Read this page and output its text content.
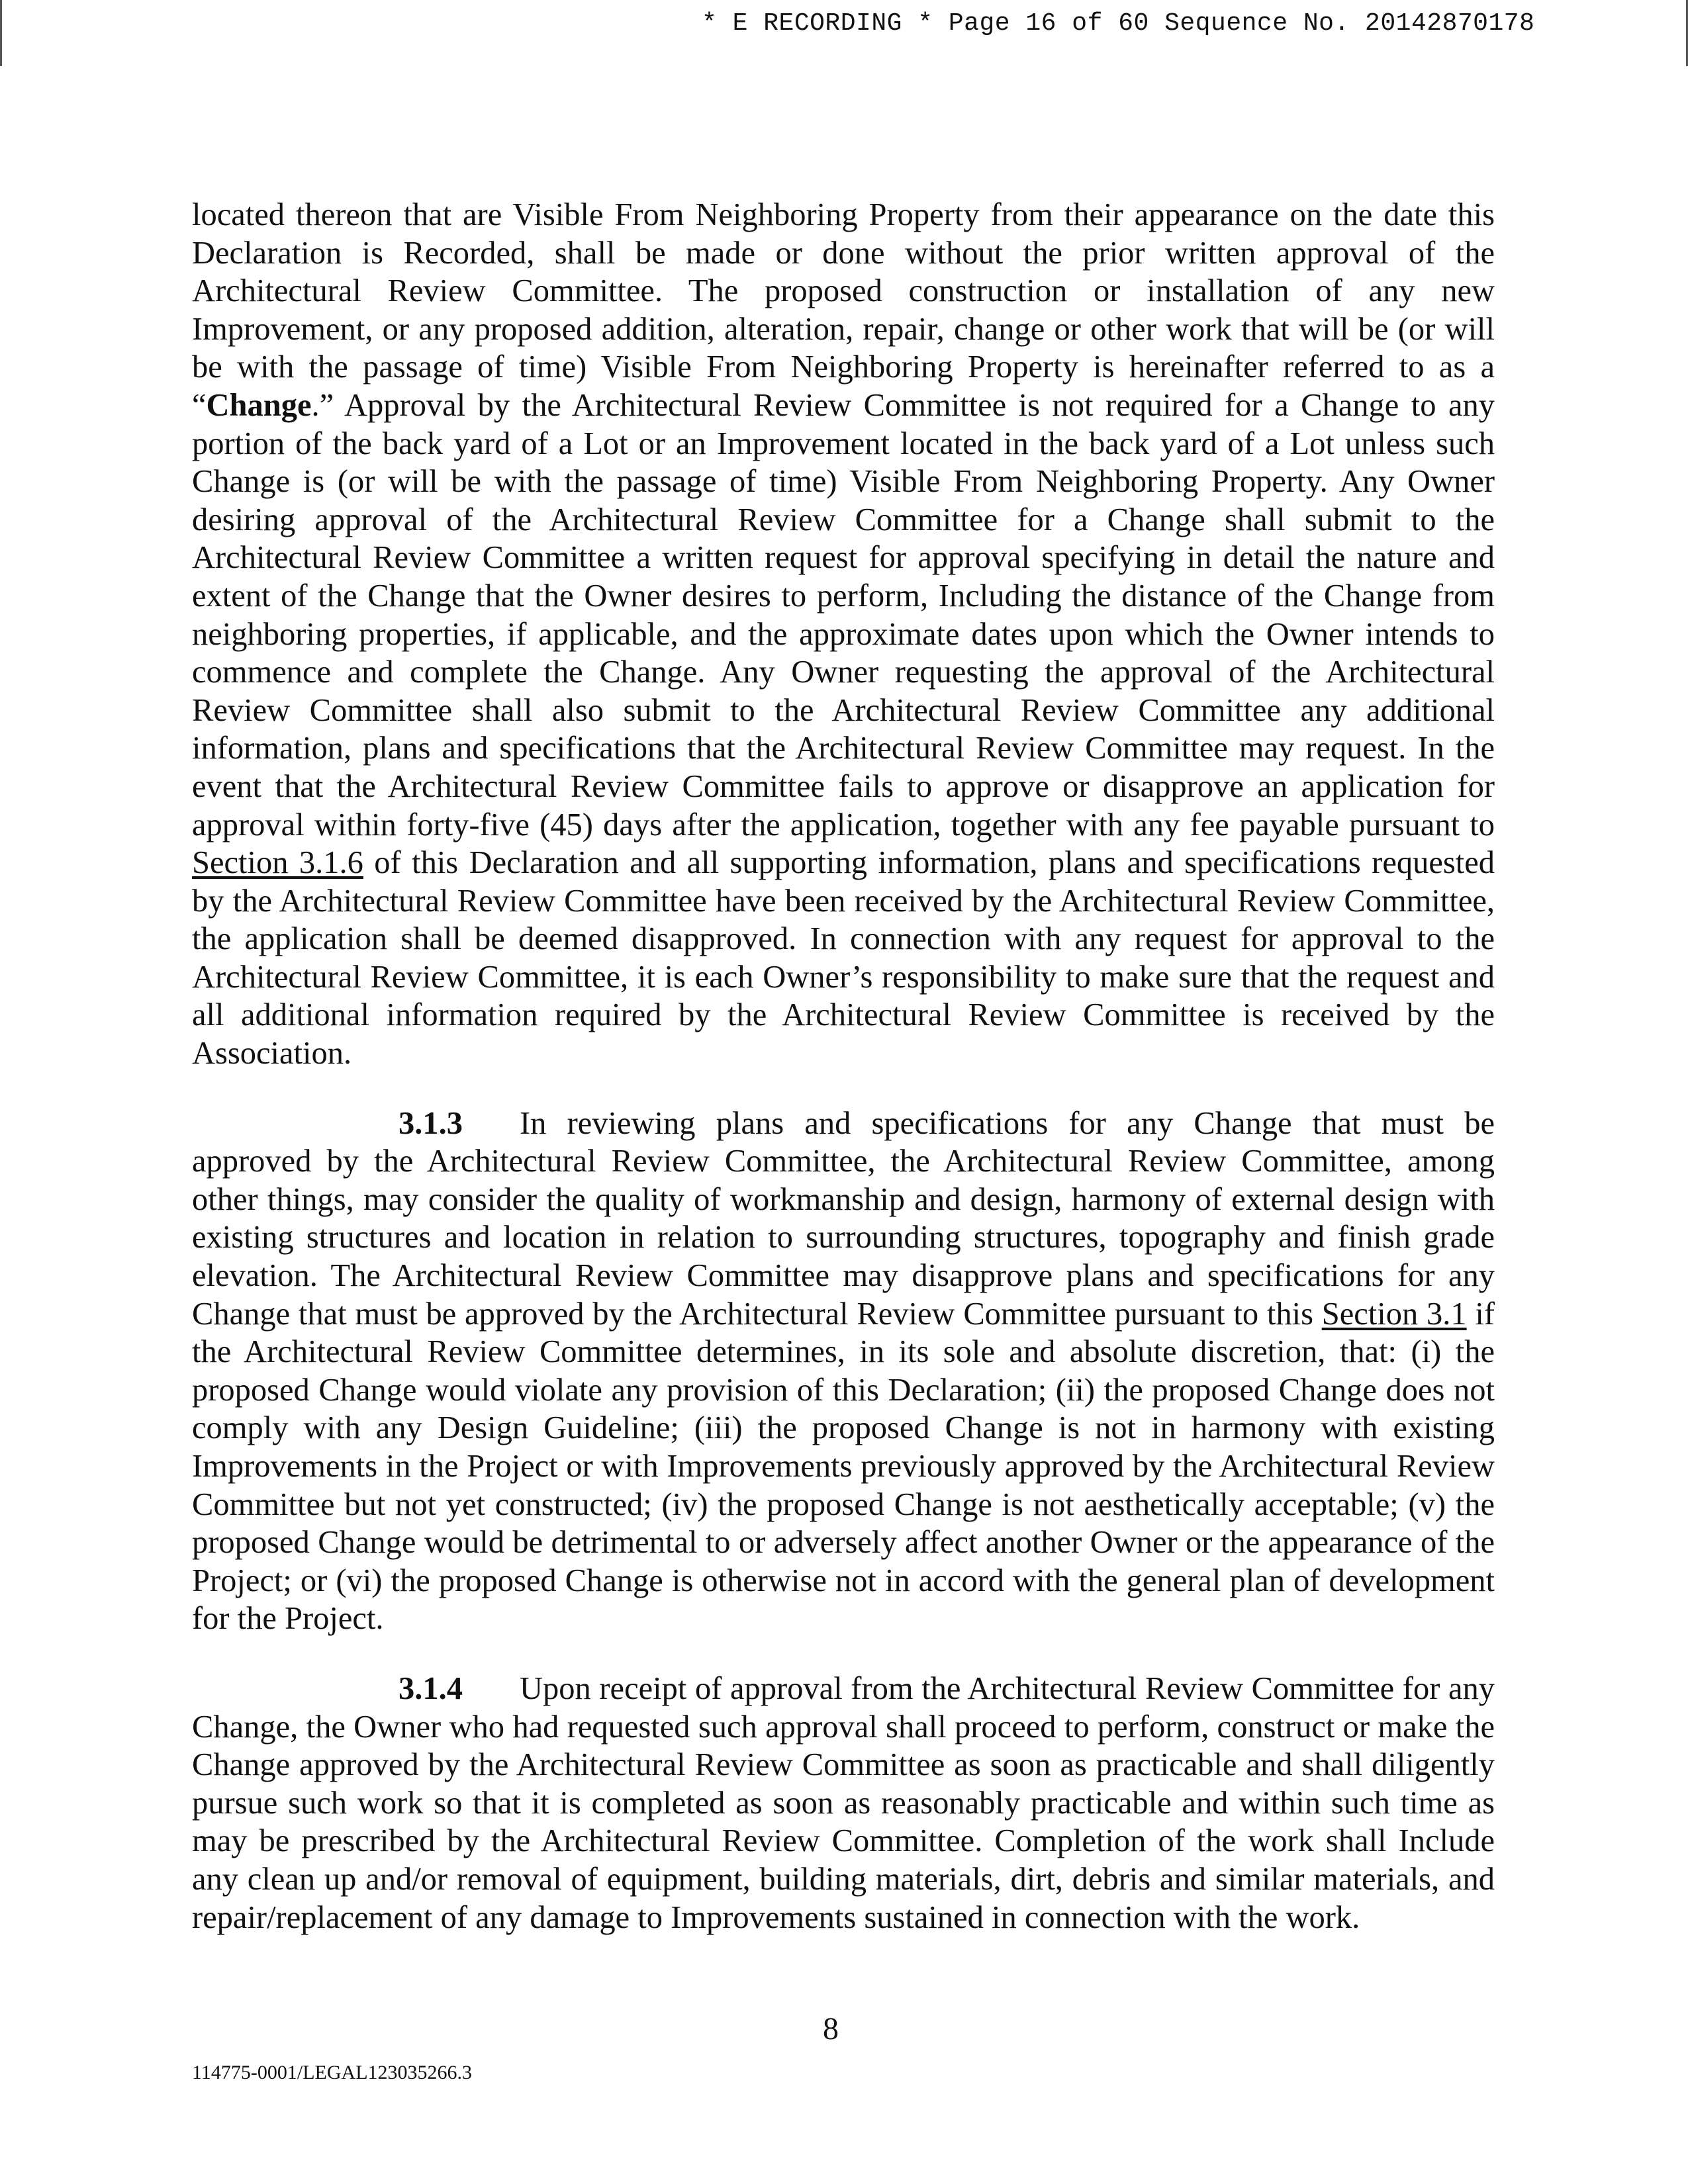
* E RECORDING * Page 16 of 60 Sequence No. 20142870178

located thereon that are Visible From Neighboring Property from their appearance on the date this Declaration is Recorded, shall be made or done without the prior written approval of the Architectural Review Committee. The proposed construction or installation of any new Improvement, or any proposed addition, alteration, repair, change or other work that will be (or will be with the passage of time) Visible From Neighboring Property is hereinafter referred to as a “Change.” Approval by the Architectural Review Committee is not required for a Change to any portion of the back yard of a Lot or an Improvement located in the back yard of a Lot unless such Change is (or will be with the passage of time) Visible From Neighboring Property. Any Owner desiring approval of the Architectural Review Committee for a Change shall submit to the Architectural Review Committee a written request for approval specifying in detail the nature and extent of the Change that the Owner desires to perform, Including the distance of the Change from neighboring properties, if applicable, and the approximate dates upon which the Owner intends to commence and complete the Change. Any Owner requesting the approval of the Architectural Review Committee shall also submit to the Architectural Review Committee any additional information, plans and specifications that the Architectural Review Committee may request. In the event that the Architectural Review Committee fails to approve or disapprove an application for approval within forty-five (45) days after the application, together with any fee payable pursuant to Section 3.1.6 of this Declaration and all supporting information, plans and specifications requested by the Architectural Review Committee have been received by the Architectural Review Committee, the application shall be deemed disapproved. In connection with any request for approval to the Architectural Review Committee, it is each Owner’s responsibility to make sure that the request and all additional information required by the Architectural Review Committee is received by the Association.

3.1.3 In reviewing plans and specifications for any Change that must be approved by the Architectural Review Committee, the Architectural Review Committee, among other things, may consider the quality of workmanship and design, harmony of external design with existing structures and location in relation to surrounding structures, topography and finish grade elevation. The Architectural Review Committee may disapprove plans and specifications for any Change that must be approved by the Architectural Review Committee pursuant to this Section 3.1 if the Architectural Review Committee determines, in its sole and absolute discretion, that: (i) the proposed Change would violate any provision of this Declaration; (ii) the proposed Change does not comply with any Design Guideline; (iii) the proposed Change is not in harmony with existing Improvements in the Project or with Improvements previously approved by the Architectural Review Committee but not yet constructed; (iv) the proposed Change is not aesthetically acceptable; (v) the proposed Change would be detrimental to or adversely affect another Owner or the appearance of the Project; or (vi) the proposed Change is otherwise not in accord with the general plan of development for the Project.

3.1.4 Upon receipt of approval from the Architectural Review Committee for any Change, the Owner who had requested such approval shall proceed to perform, construct or make the Change approved by the Architectural Review Committee as soon as practicable and shall diligently pursue such work so that it is completed as soon as reasonably practicable and within such time as may be prescribed by the Architectural Review Committee. Completion of the work shall Include any clean up and/or removal of equipment, building materials, dirt, debris and similar materials, and repair/replacement of any damage to Improvements sustained in connection with the work.

8
114775-0001/LEGAL123035266.3
